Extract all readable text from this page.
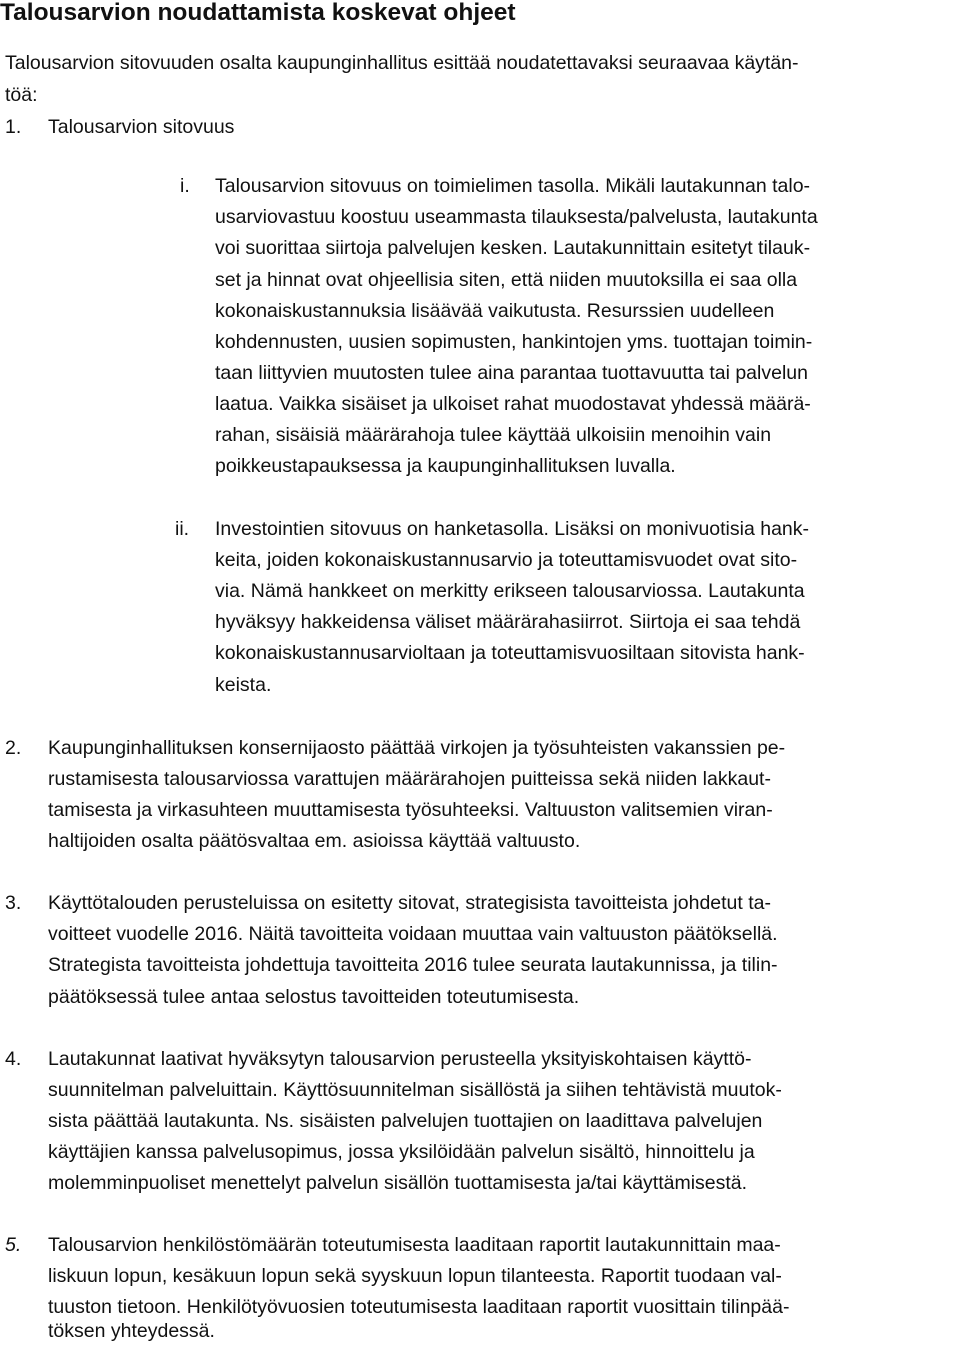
Talousarvion noudattamista koskevat ohjeet
Talousarvion sitovuuden osalta kaupunginhallitus esittää noudatettavaksi seuraavaa käytän-
töä:
1. Talousarvion sitovuus
i. Talousarvion sitovuus on toimielimen tasolla. Mikäli lautakunnan talo-
usarviovastuu koostuu useammasta tilauksesta/palvelusta, lautakunta
voi suorittaa siirtoja palvelujen kesken. Lautakunnittain esitetyt tilauk-
set ja hinnat ovat ohjeellisia siten, että niiden muutoksilla ei saa olla
kokonaiskustannuksia lisäävää vaikutusta. Resurssien uudelleen
kohdennusten, uusien sopimusten, hankintojen yms. tuottajan toimin-
taan liittyvien muutosten tulee aina parantaa tuottavuutta tai palvelun
laatua. Vaikka sisäiset ja ulkoiset rahat muodostavat yhdessä määrä-
rahan, sisäisiä määrärahoja tulee käyttää ulkoisiin menoihin vain
poikkeustapauksessa ja kaupunginhallituksen luvalla.
ii. Investointien sitovuus on hanketasolla. Lisäksi on monivuotisia hank-
keita, joiden kokonaiskustannusarvio ja toteuttamisvuodet ovat sito-
via. Nämä hankkeet on merkitty erikseen talousarviossa. Lautakunta
hyväksyy hakkeidensa väliset määrärahasiirrot. Siirtoja ei saa tehdä
kokonaiskustannusarvioltaan ja toteuttamisvuosiltaan sitovista hank-
keista.
2. Kaupunginhallituksen konsernijaosto päättää virkojen ja työsuhteisten vakanssien pe-
rustamisesta talousarviossa varattujen määrärahojen puitteissa sekä niiden lakkaut-
tamisesta ja virkasuhteen muuttamisesta työsuhteeksi. Valtuuston valitsemien viran-
haltijoiden osalta päätösvaltaa em. asioissa käyttää valtuusto.
3. Käyttötalouden perusteluissa on esitetty sitovat, strategisista tavoitteista johdetut ta-
voitteet vuodelle 2016. Näitä tavoitteita voidaan muuttaa vain valtuuston päätöksellä.
Strategista tavoitteista johdettuja tavoitteita 2016 tulee seurata lautakunnissa, ja tilin-
päätöksessä tulee antaa selostus tavoitteiden toteutumisesta.
4. Lautakunnat laativat hyväksytyn talousarvion perusteella yksityiskohtaisen käyttö-
suunnitelman palveluittain. Käyttösuunnitelman sisällöstä ja siihen tehtävistä muutok-
sista päättää lautakunta. Ns. sisäisten palvelujen tuottajien on laadittava palvelujen
käyttäjien kanssa palvelusopimus, jossa yksilöidään palvelun sisältö, hinnoittelu ja
molemminpuoliset menettelyt palvelun sisällön tuottamisesta ja/tai käyttämisestä.
5. Talousarvion henkilöstömäärän toteutumisesta laaditaan raportit lautakunnittain maa-
liskuun lopun, kesäkuun lopun sekä syyskuun lopun tilanteesta. Raportit tuodaan val-
tuuston tietoon. Henkilötyövuosien toteutumisesta laaditaan raportit vuosittain tilinpää-
töksen yhteydessä.
